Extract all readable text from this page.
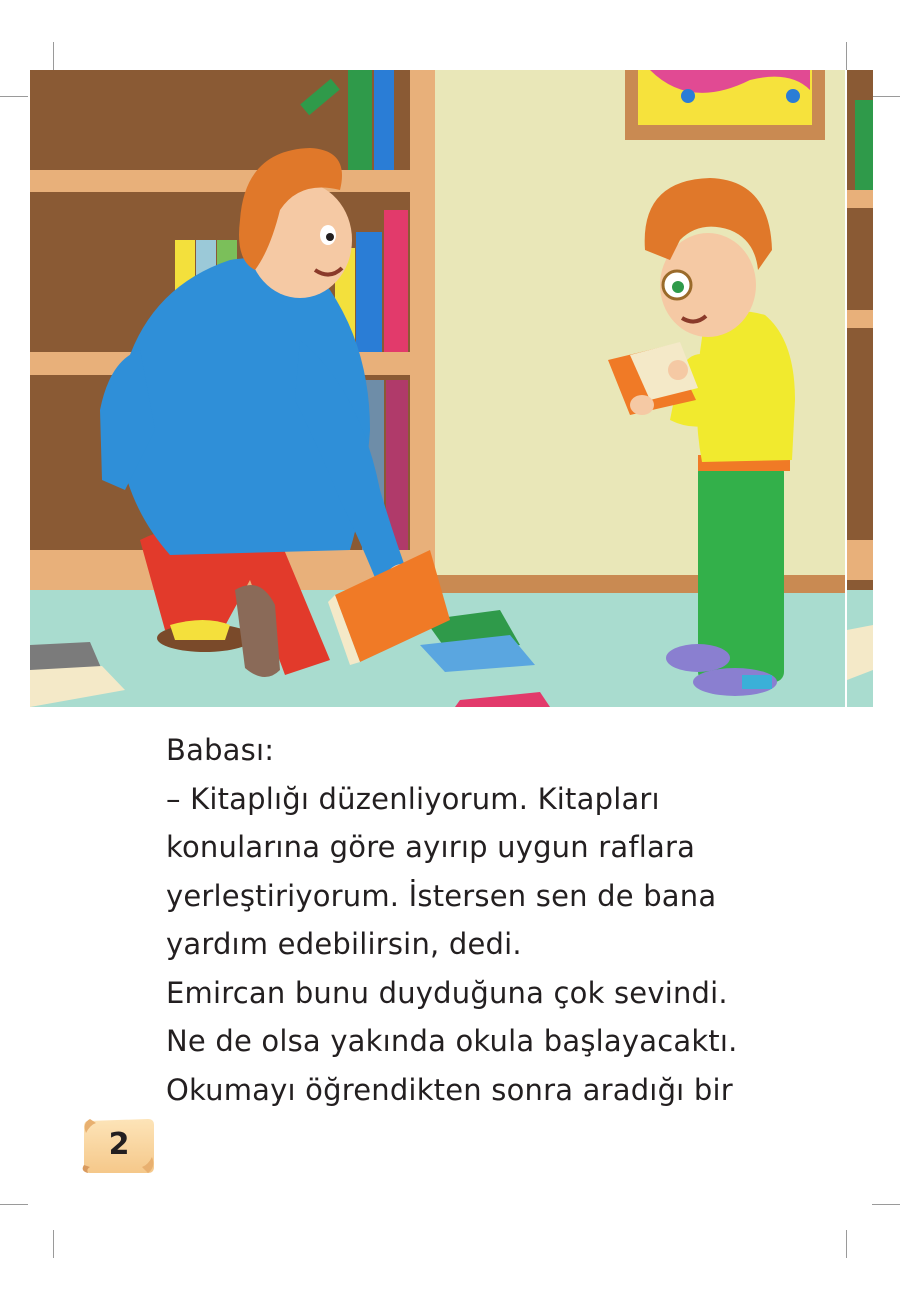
Babası:
– Kitaplığı düzenliyorum. Kitapları
konularına göre ayırıp uygun raflara
yerleştiriyorum. İstersen sen de bana
yardım edebilirsin, dedi.
Emircan bunu duyduğuna çok sevindi.
Ne de olsa yakında okula başlayacaktı.
Okumayı öğrendikten sonra aradığı bir
2
